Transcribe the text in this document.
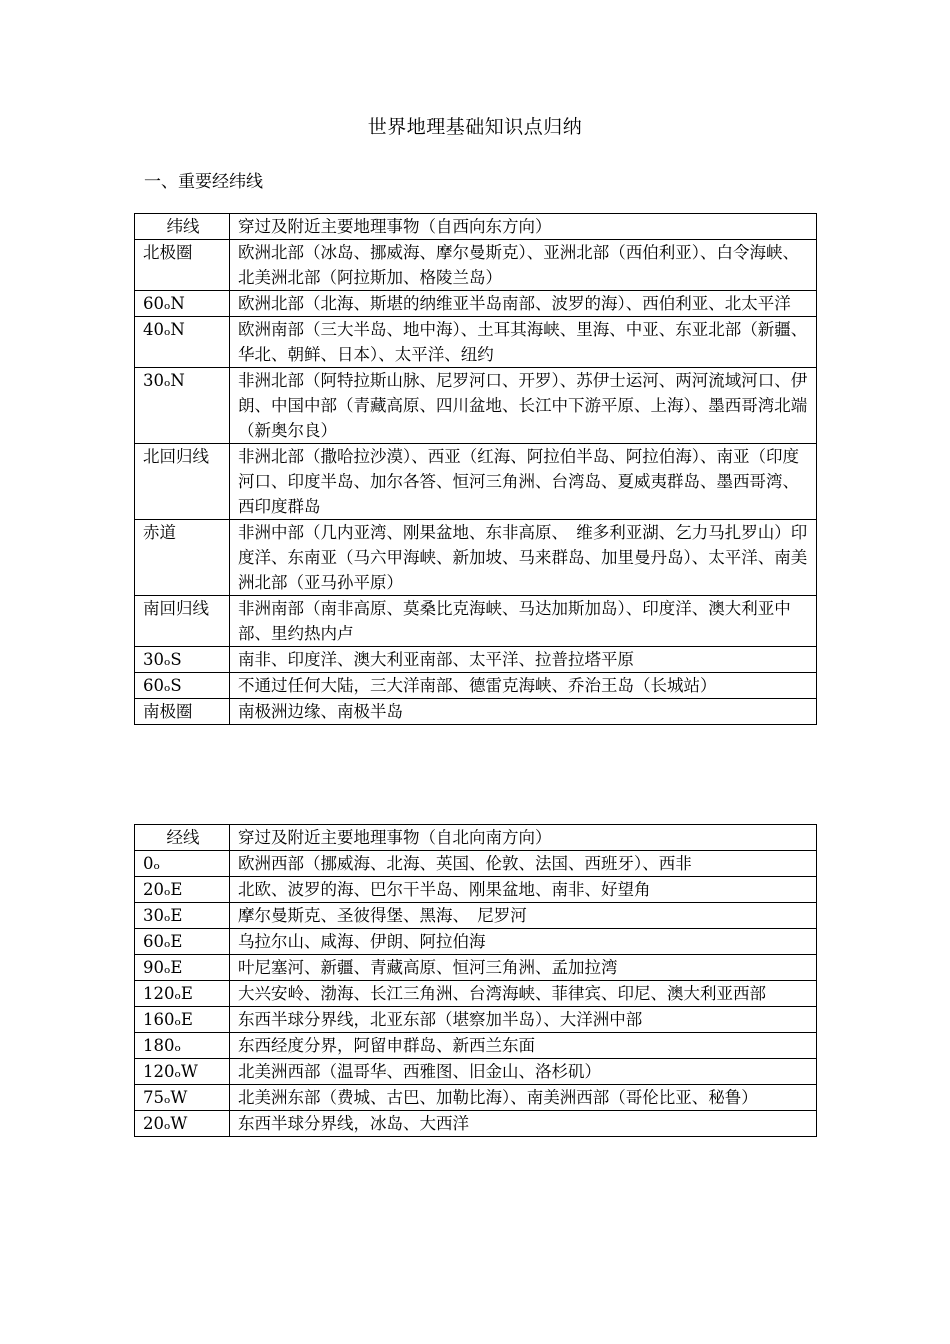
世界地理基础知识点归纳
一、重要经纬线
纬线	穿过及附近主要地理事物（自西向东方向）
北极圈	欧洲北部（冰岛、挪威海、摩尔曼斯克）、亚洲北部（西伯利亚）、白令海峡、北美洲北部（阿拉斯加、格陵兰岛）
60ₒN	欧洲北部（北海、斯堪的纳维亚半岛南部、波罗的海）、西伯利亚、北太平洋
40ₒN	欧洲南部（三大半岛、地中海）、土耳其海峡、里海、中亚、东亚北部（新疆、华北、朝鲜、日本）、太平洋、纽约
30ₒN	非洲北部（阿特拉斯山脉、尼罗河口、开罗）、苏伊士运河、两河流域河口、伊朗、中国中部（青藏高原、四川盆地、长江中下游平原、上海）、墨西哥湾北端（新奥尔良）
北回归线	非洲北部（撒哈拉沙漠）、西亚（红海、阿拉伯半岛、阿拉伯海）、南亚（印度河口、印度半岛、加尔各答、恒河三角洲、台湾岛、夏威夷群岛、墨西哥湾、西印度群岛
赤道	非洲中部（几内亚湾、刚果盆地、东非高原、　维多利亚湖、乞力马扎罗山）印度洋、东南亚（马六甲海峡、新加坡、马来群岛、加里曼丹岛）、太平洋、南美洲北部（亚马孙平原）
南回归线	非洲南部（南非高原、莫桑比克海峡、马达加斯加岛）、印度洋、澳大利亚中部、里约热内卢
30ₒS	南非、印度洋、澳大利亚南部、太平洋、拉普拉塔平原
60ₒS	不通过任何大陆，三大洋南部、德雷克海峡、乔治王岛（长城站）
南极圈	南极洲边缘、南极半岛
经线	穿过及附近主要地理事物（自北向南方向）
0ₒ	欧洲西部（挪威海、北海、英国、伦敦、法国、西班牙）、西非
20ₒE	北欧、波罗的海、巴尔干半岛、刚果盆地、南非、好望角
30ₒE	摩尔曼斯克、圣彼得堡、黑海、　尼罗河
60ₒE	乌拉尔山、咸海、伊朗、阿拉伯海
90ₒE	叶尼塞河、新疆、青藏高原、恒河三角洲、孟加拉湾
120ₒE	大兴安岭、渤海、长江三角洲、台湾海峡、菲律宾、印尼、澳大利亚西部
160ₒE	东西半球分界线，北亚东部（堪察加半岛）、大洋洲中部
180ₒ	东西经度分界，阿留申群岛、新西兰东面
120ₒW	北美洲西部（温哥华、西雅图、旧金山、洛杉矶）
75ₒW	北美洲东部（费城、古巴、加勒比海）、南美洲西部（哥伦比亚、秘鲁）
20ₒW	东西半球分界线，冰岛、大西洋
